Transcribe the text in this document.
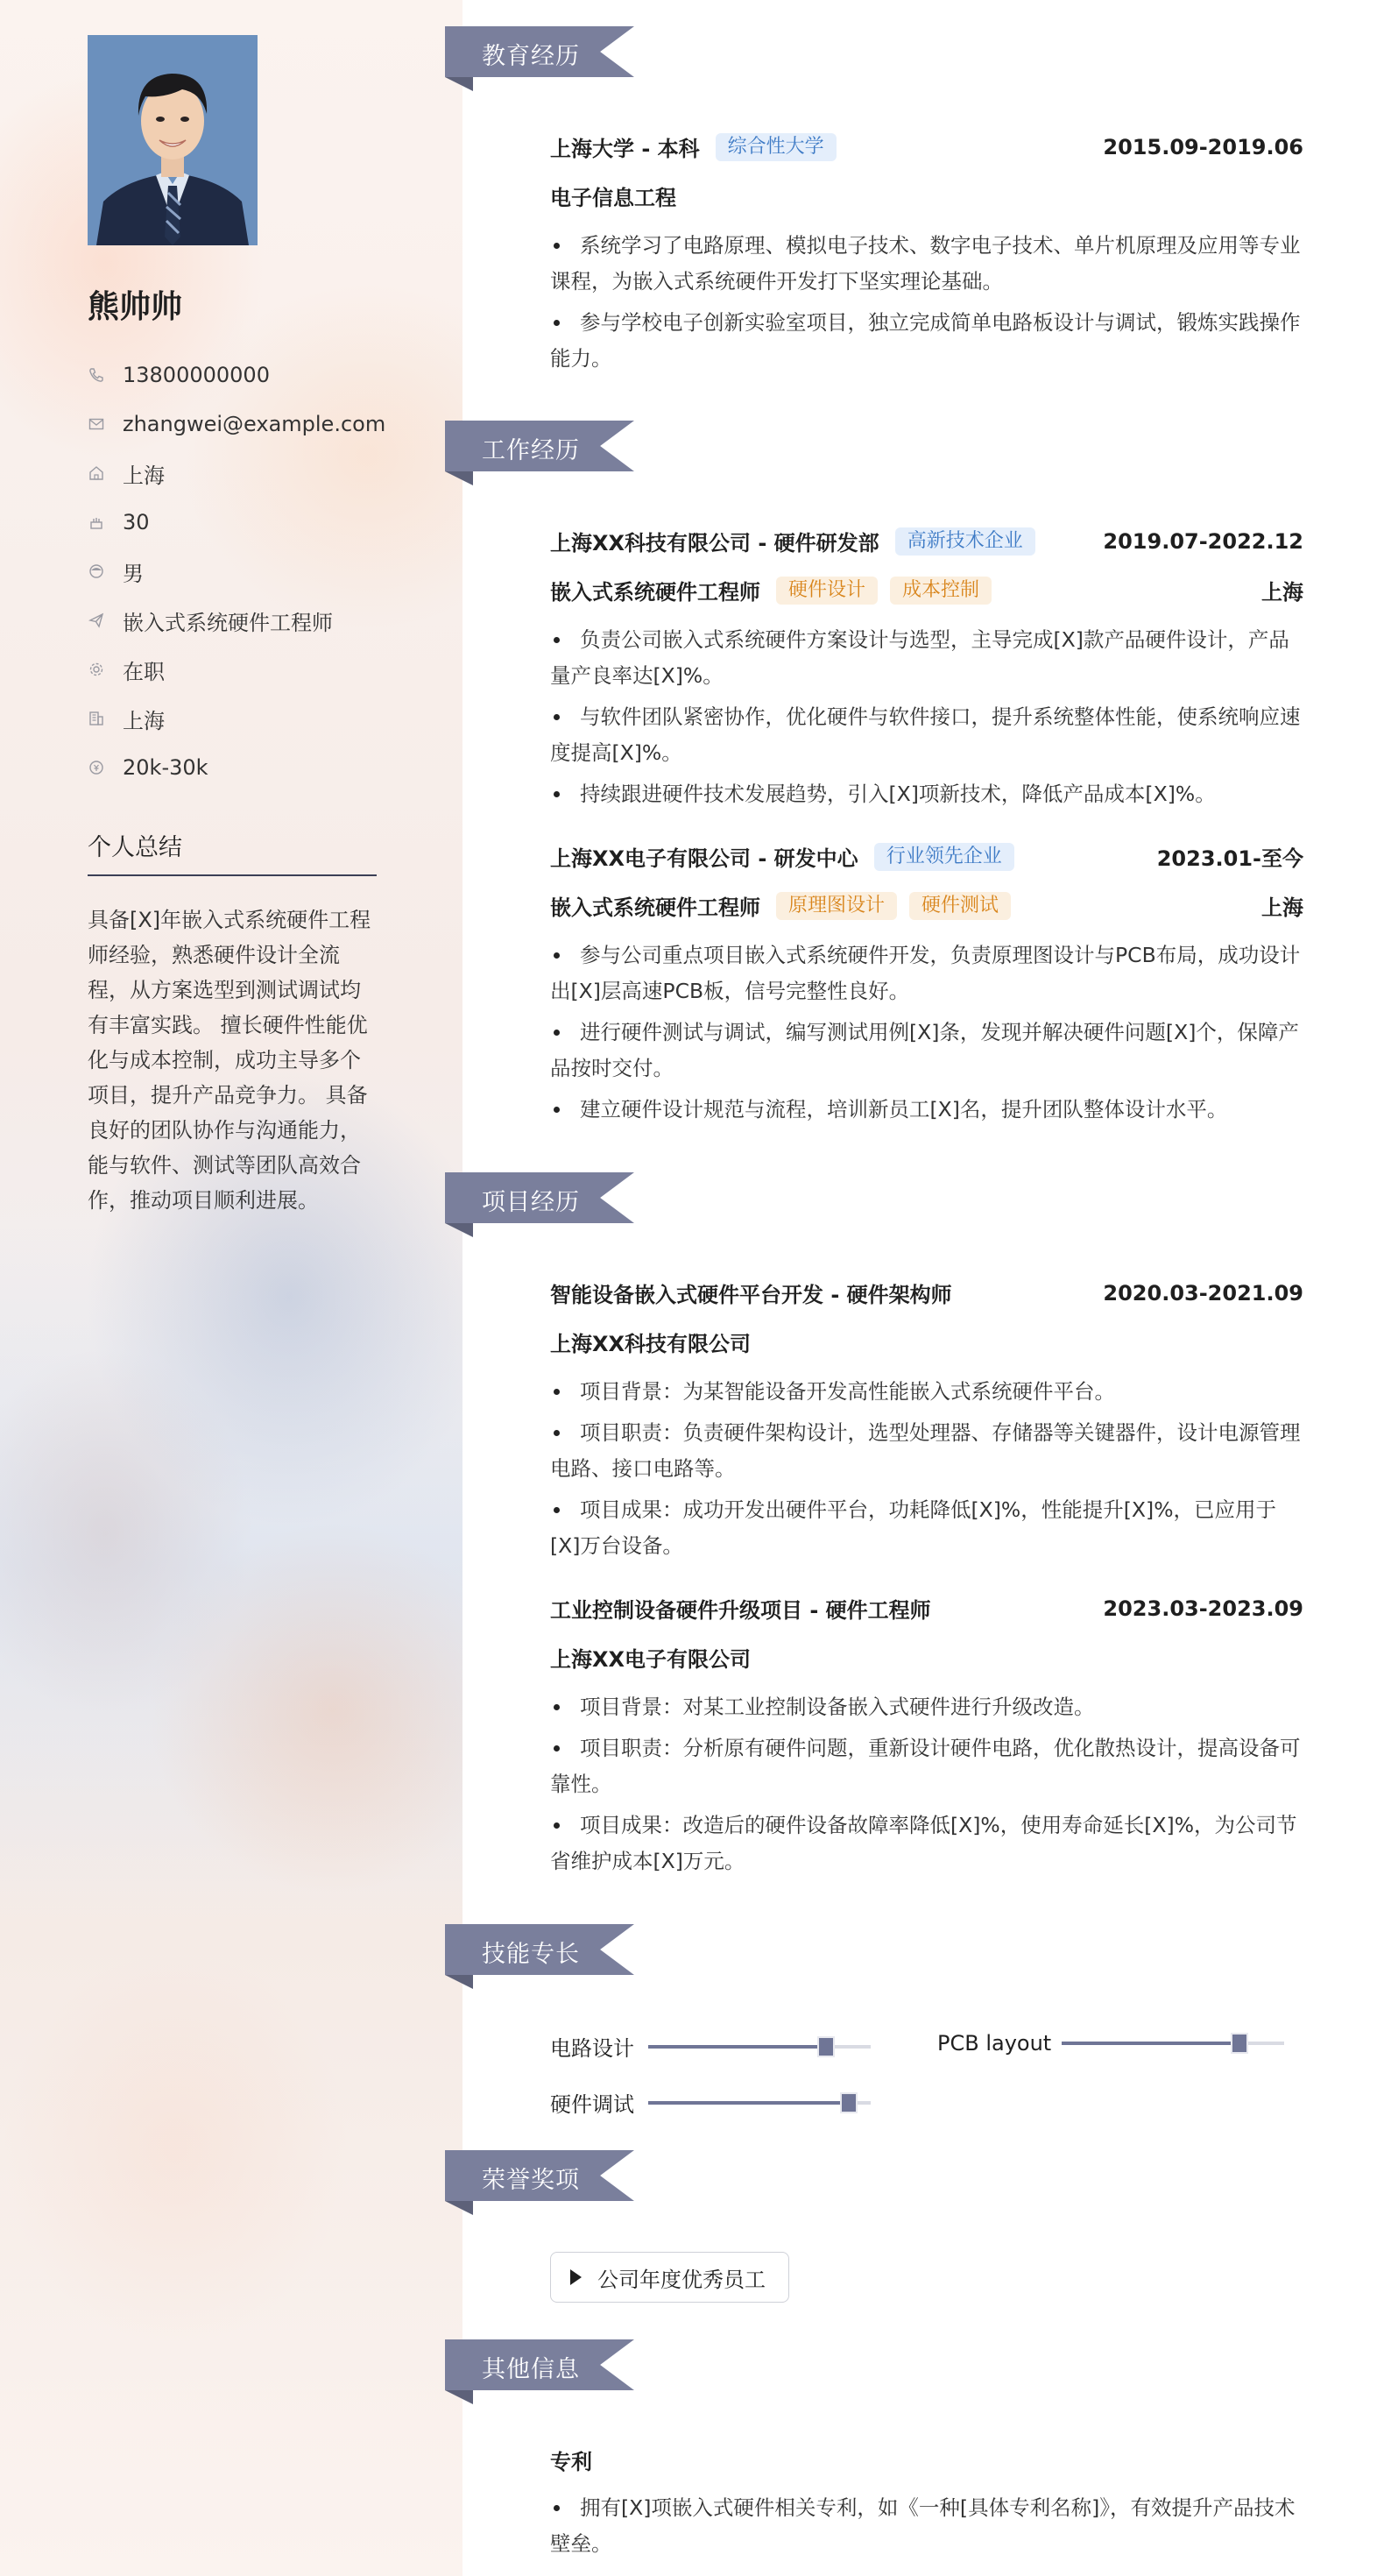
熊帅帅
13800000000
zhangwei@example.com
上海
30
男
嵌入式系统硬件工程师
在职
上海
20k-30k
个人总结
具备[X]年嵌入式系统硬件工程师经验，熟悉硬件设计全流程，从方案选型到测试调试均有丰富实践。 擅长硬件性能优化与成本控制，成功主导多个项目，提升产品竞争力。 具备良好的团队协作与沟通能力，能与软件、测试等团队高效合作，推动项目顺利进展。
教育经历
上海大学 - 本科	综合性大学	2015.09-2019.06
电子信息工程
系统学习了电路原理、模拟电子技术、数字电子技术、单片机原理及应用等专业课程，为嵌入式系统硬件开发打下坚实理论基础。
参与学校电子创新实验室项目，独立完成简单电路板设计与调试，锻炼实践操作能力。
工作经历
上海XX科技有限公司 - 硬件研发部	高新技术企业	2019.07-2022.12
嵌入式系统硬件工程师	硬件设计	成本控制	上海
负责公司嵌入式系统硬件方案设计与选型，主导完成[X]款产品硬件设计，产品量产良率达[X]%。
与软件团队紧密协作，优化硬件与软件接口，提升系统整体性能，使系统响应速度提高[X]%。
持续跟进硬件技术发展趋势，引入[X]项新技术，降低产品成本[X]%。
上海XX电子有限公司 - 研发中心	行业领先企业	2023.01-至今
嵌入式系统硬件工程师	原理图设计	硬件测试	上海
参与公司重点项目嵌入式系统硬件开发，负责原理图设计与PCB布局，成功设计出[X]层高速PCB板，信号完整性良好。
进行硬件测试与调试，编写测试用例[X]条，发现并解决硬件问题[X]个，保障产品按时交付。
建立硬件设计规范与流程，培训新员工[X]名，提升团队整体设计水平。
项目经历
智能设备嵌入式硬件平台开发 - 硬件架构师	2020.03-2021.09
上海XX科技有限公司
项目背景：为某智能设备开发高性能嵌入式系统硬件平台。
项目职责：负责硬件架构设计，选型处理器、存储器等关键器件，设计电源管理电路、接口电路等。
项目成果：成功开发出硬件平台，功耗降低[X]%，性能提升[X]%，已应用于[X]万台设备。
工业控制设备硬件升级项目 - 硬件工程师	2023.03-2023.09
上海XX电子有限公司
项目背景：对某工业控制设备嵌入式硬件进行升级改造。
项目职责：分析原有硬件问题，重新设计硬件电路，优化散热设计，提高设备可靠性。
项目成果：改造后的硬件设备故障率降低[X]%，使用寿命延长[X]%，为公司节省维护成本[X]万元。
技能专长
电路设计	PCB layout
硬件调试
荣誉奖项
公司年度优秀员工
其他信息
专利
拥有[X]项嵌入式硬件相关专利，如《一种[具体专利名称]》，有效提升产品技术壁垒。
